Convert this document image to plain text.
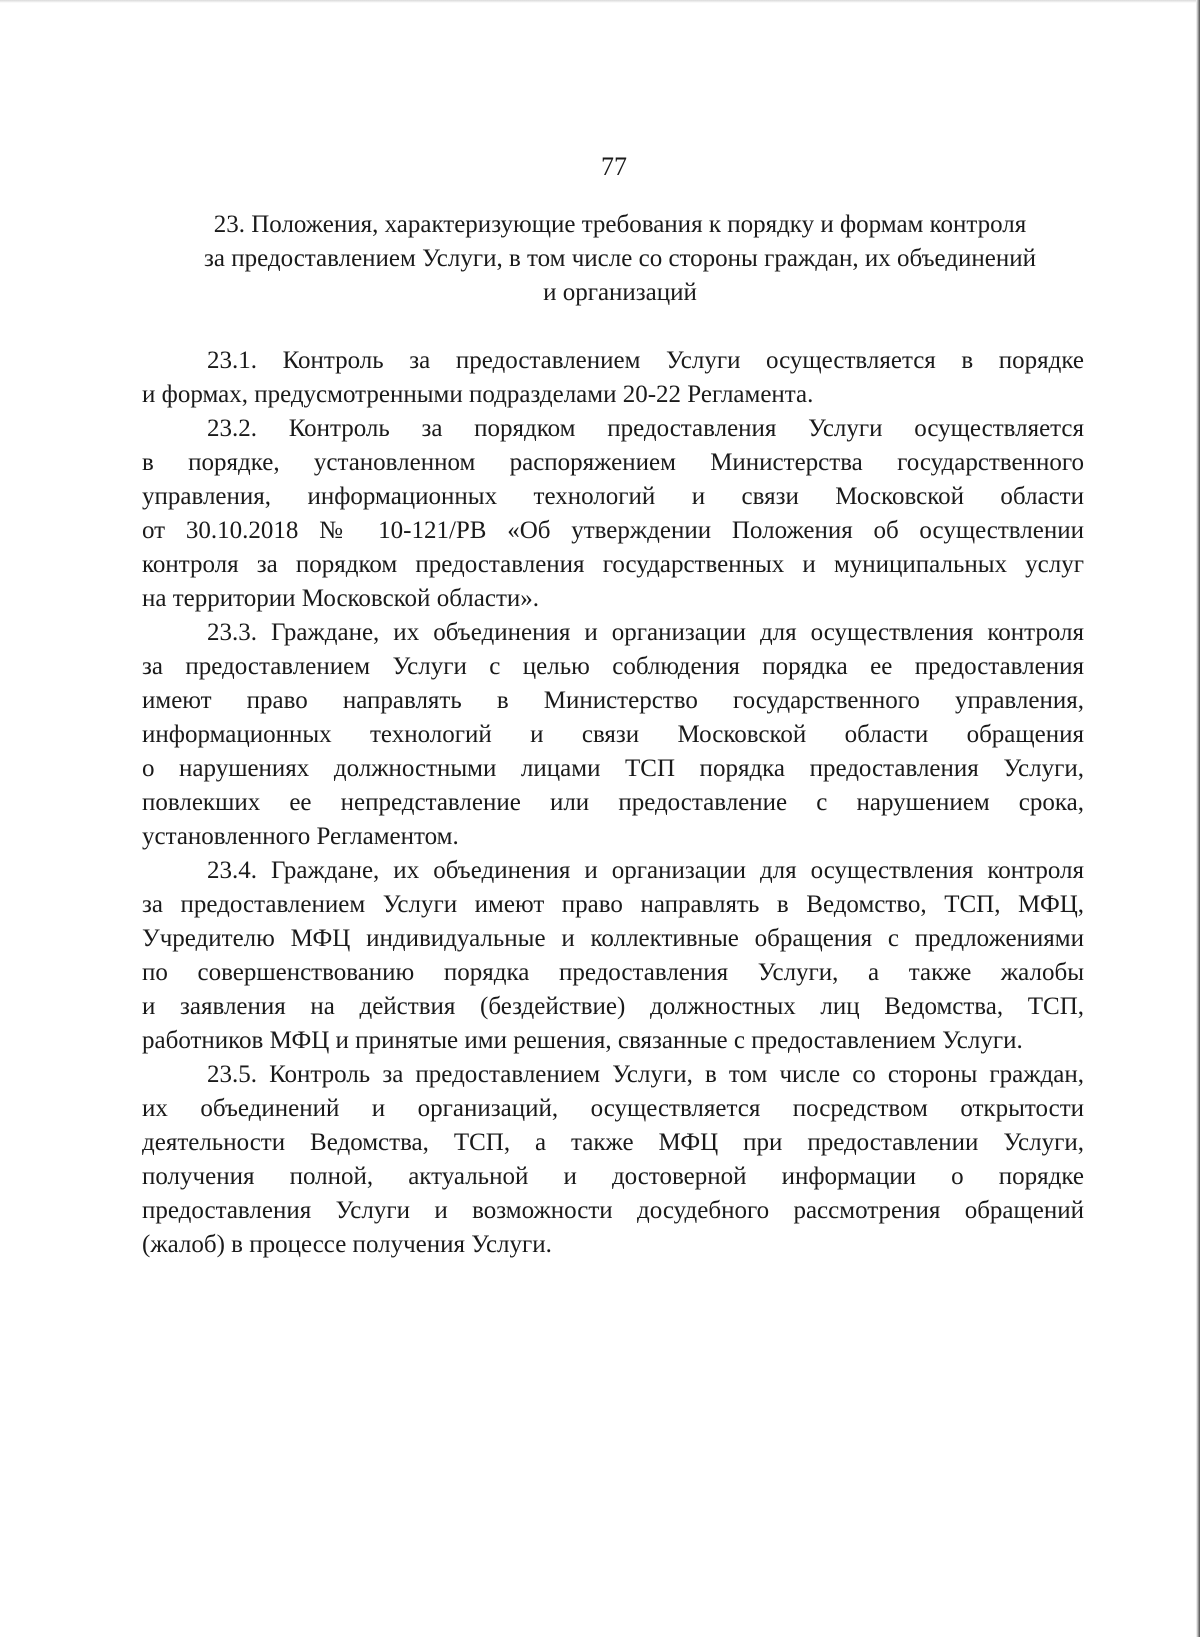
77
23. Положения, характеризующие требования к порядку и формам контроля
за предоставлением Услуги, в том числе со стороны граждан, их объединений
и организаций
23.1. Контроль за предоставлением Услуги осуществляется в порядке
и формах, предусмотренными подразделами 20-22 Регламента.
23.2. Контроль за порядком предоставления Услуги осуществляется
в порядке, установленном распоряжением Министерства государственного
управления, информационных технологий и связи Московской области
от 30.10.2018 № 10-121/РВ «Об утверждении Положения об осуществлении
контроля за порядком предоставления государственных и муниципальных услуг
на территории Московской области».
23.3. Граждане, их объединения и организации для осуществления контроля
за предоставлением Услуги с целью соблюдения порядка ее предоставления
имеют право направлять в Министерство государственного управления,
информационных технологий и связи Московской области обращения
о нарушениях должностными лицами ТСП порядка предоставления Услуги,
повлекших ее непредставление или предоставление с нарушением срока,
установленного Регламентом.
23.4. Граждане, их объединения и организации для осуществления контроля
за предоставлением Услуги имеют право направлять в Ведомство, ТСП, МФЦ,
Учредителю МФЦ индивидуальные и коллективные обращения с предложениями
по совершенствованию порядка предоставления Услуги, а также жалобы
и заявления на действия (бездействие) должностных лиц Ведомства, ТСП,
работников МФЦ и принятые ими решения, связанные с предоставлением Услуги.
23.5. Контроль за предоставлением Услуги, в том числе со стороны граждан,
их объединений и организаций, осуществляется посредством открытости
деятельности Ведомства, ТСП, а также МФЦ при предоставлении Услуги,
получения полной, актуальной и достоверной информации о порядке
предоставления Услуги и возможности досудебного рассмотрения обращений
(жалоб) в процессе получения Услуги.
